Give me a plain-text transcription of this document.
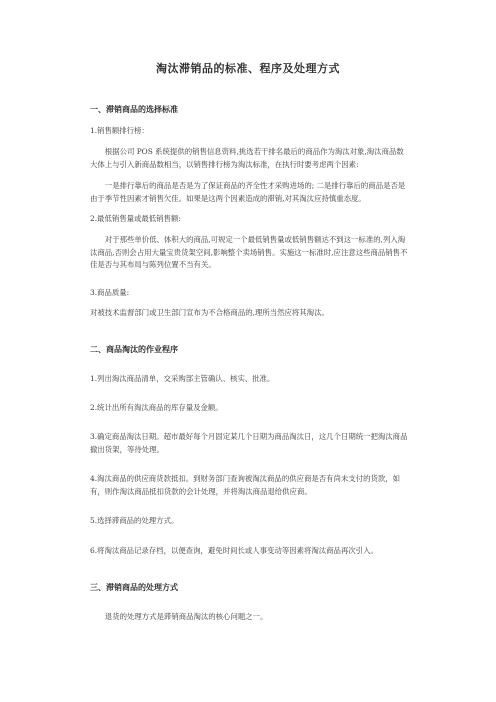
淘汰滞销品的标准、程序及处理方式
一、滞销商品的选择标准

1.销售额排行榜：

根据公司 POS 系统提供的销售信息资料,挑选若干排名最后的商品作为淘汰对象,淘汰商品数大体上与引入新商品数相当，以销售排行榜为淘汰标准，在执行时要考虑两个因素:

一是排行靠后的商品是否是为了保证商品的齐全性才采购进场的; 二是排行靠后的商品是否是由于季节性因素才销售欠佳。如果是这两个因素造成的滞销,对其淘汰应持慎重态度。

2.最低销售量或最低销售额:

对于那些单价低、体积大的商品,可规定一个最低销售量或低销售额达不到这一标准的,列入淘汰商品,否则会占用大量宝贵货架空间,影响整个卖场销售。实施这一标准时,应注意这些商品销售不佳是否与其布局与陈列位置不当有关。

3.商品质量:

对被技术监督部门或卫生部门宣布为不合格商品的,理所当然应将其淘汰。

二、商品淘汰的作业程序

1.列出淘汰商品清单，交采购部主管确认、核实、批准。

2.统计出所有淘汰商品的库存量及金额。

3.确定商品淘汰日期。超市最好每个月固定某几个日期为商品淘汰日，这几个日期统一把淘汰商品撤出货架，等待处理。

4.淘汰商品的供应商货款抵扣。到财务部门查询被淘汰商品的供应商是否有尚未支付的货款，如有，则作淘汰商品抵扣货款的会计处理，并将淘汰商品退给供应商。

5.选择滞商品的处理方式。

6.将淘汰商品记录存档，以便查询，避免时间长或人事变动等因素将淘汰商品再次引入。

三、滞销商品的处理方式

退货的处理方式是滞销商品淘汰的核心问题之一。
